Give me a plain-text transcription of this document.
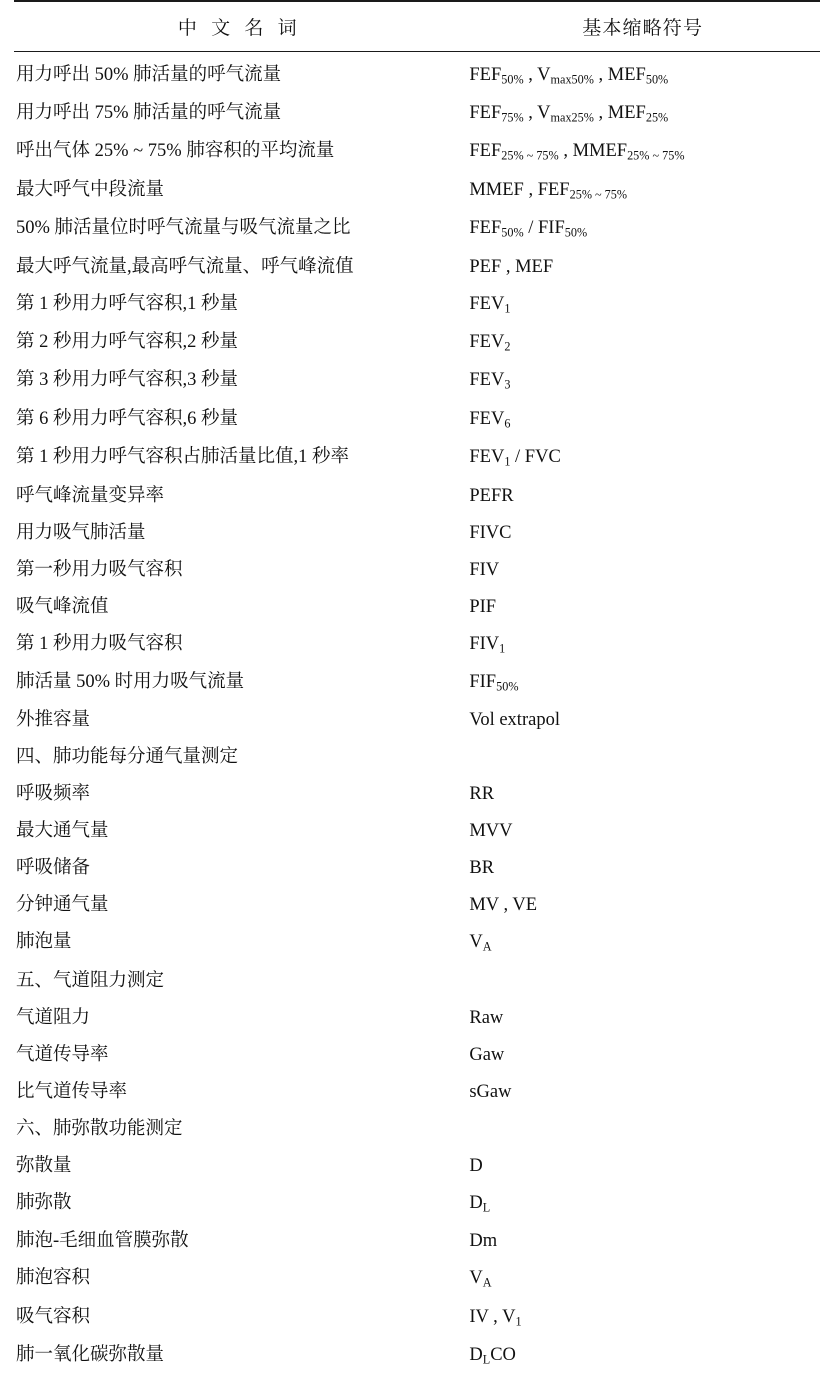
中 文 名 词	基本缩略符号
用力呼出 50% 肺活量的呼气流量	$FEF_{50\%}$ , $V_{max50\%}$ , $MEF_{50\%}$
用力呼出 75% 肺活量的呼气流量	$FEF_{75\%}$ , $V_{max25\%}$ , $MEF_{25\%}$
呼出气体 25% ~ 75% 肺容积的平均流量	$FEF_{25\% \sim 75\%}$ , $MMEF_{25\% \sim 75\%}$
最大呼气中段流量	MMEF , $FEF_{25\% \sim 75\%}$
50% 肺活量位时呼气流量与吸气流量之比	$FEF_{50\%} / FIF_{50\%}$
最大呼气流量,最高呼气流量、呼气峰流值	PEF , MEF
第 1 秒用力呼气容积,1 秒量	$FEV_1$
第 2 秒用力呼气容积,2 秒量	$FEV_2$
第 3 秒用力呼气容积,3 秒量	$FEV_3$
第 6 秒用力呼气容积,6 秒量	$FEV_6$
第 1 秒用力呼气容积占肺活量比值,1 秒率	$FEV_1$ / FVC
呼气峰流量变异率	PEFR
用力吸气肺活量	FIVC
第一秒用力吸气容积	FIV
吸气峰流值	PIF
第 1 秒用力吸气容积	$FIV_1$
肺活量 50% 时用力吸气流量	$FIF_{50\%}$
外推容量	Vol extrapol
四、肺功能每分通气量测定
呼吸频率	RR
最大通气量	MVV
呼吸储备	BR
分钟通气量	MV , VE
肺泡量	$V_A$
五、气道阻力测定
气道阻力	Raw
气道传导率	Gaw
比气道传导率	sGaw
六、肺弥散功能测定
弥散量	D
肺弥散	$D_L$
肺泡-毛细血管膜弥散	Dm
肺泡容积	$V_A$
吸气容积	IV , $V_1$
肺一氧化碳弥散量	$D_LCO$
